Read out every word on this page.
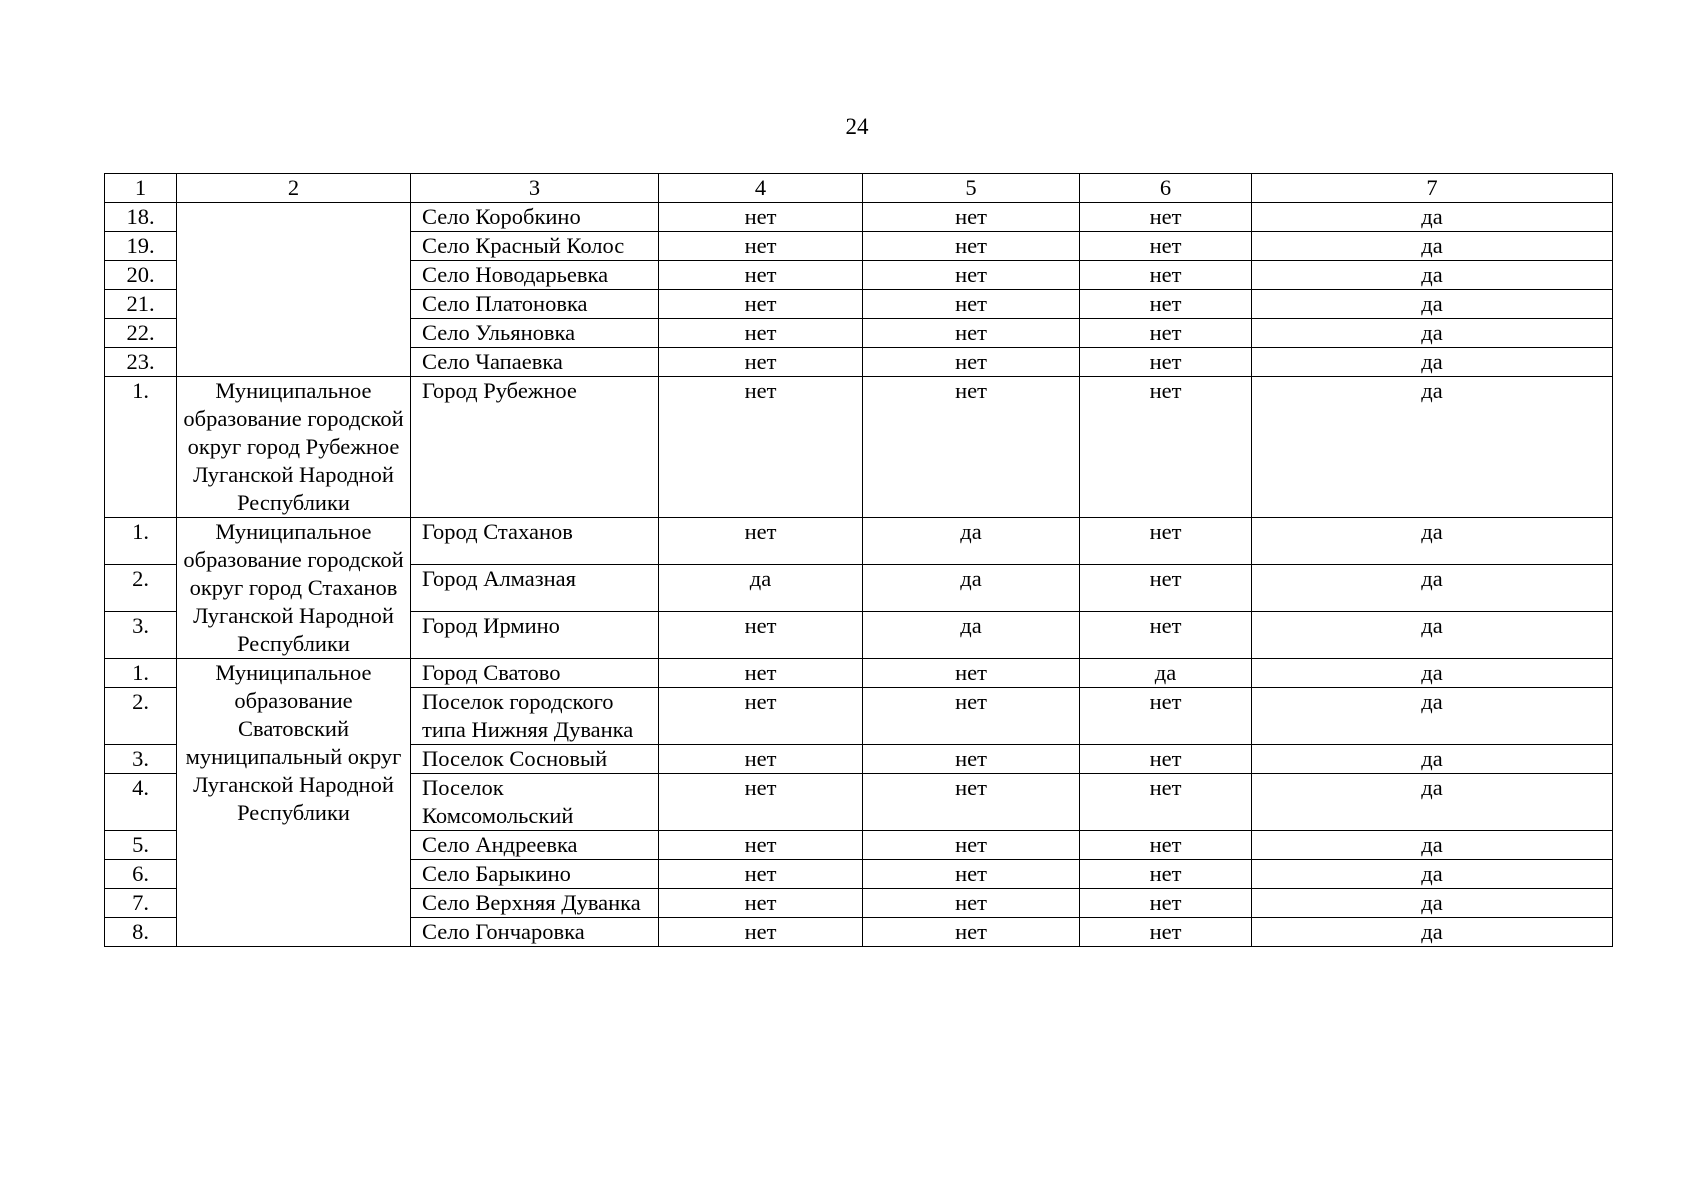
24
1	2	3	4	5	6	7
18.		Село Коробкино	нет	нет	нет	да
19.		Село Красный Колос	нет	нет	нет	да
20.		Село Новодарьевка	нет	нет	нет	да
21.		Село Платоновка	нет	нет	нет	да
22.		Село Ульяновка	нет	нет	нет	да
23.		Село Чапаевка	нет	нет	нет	да
1.	Муниципальное образование городской округ город Рубежное Луганской Народной Республики	Город Рубежное	нет	нет	нет	да
1.	Муниципальное образование городской округ город Стаханов Луганской Народной Республики	Город Стаханов	нет	да	нет	да
2.		Город Алмазная	да	да	нет	да
3.		Город Ирмино	нет	да	нет	да
1.	Муниципальное образование Сватовский муниципальный округ Луганской Народной Республики	Город Сватово	нет	нет	да	да
2.		Поселок городского типа Нижняя Дуванка	нет	нет	нет	да
3.		Поселок Сосновый	нет	нет	нет	да
4.		Поселок Комсомольский	нет	нет	нет	да
5.		Село Андреевка	нет	нет	нет	да
6.		Село Барыкино	нет	нет	нет	да
7.		Село Верхняя Дуванка	нет	нет	нет	да
8.		Село Гончаровка	нет	нет	нет	да
